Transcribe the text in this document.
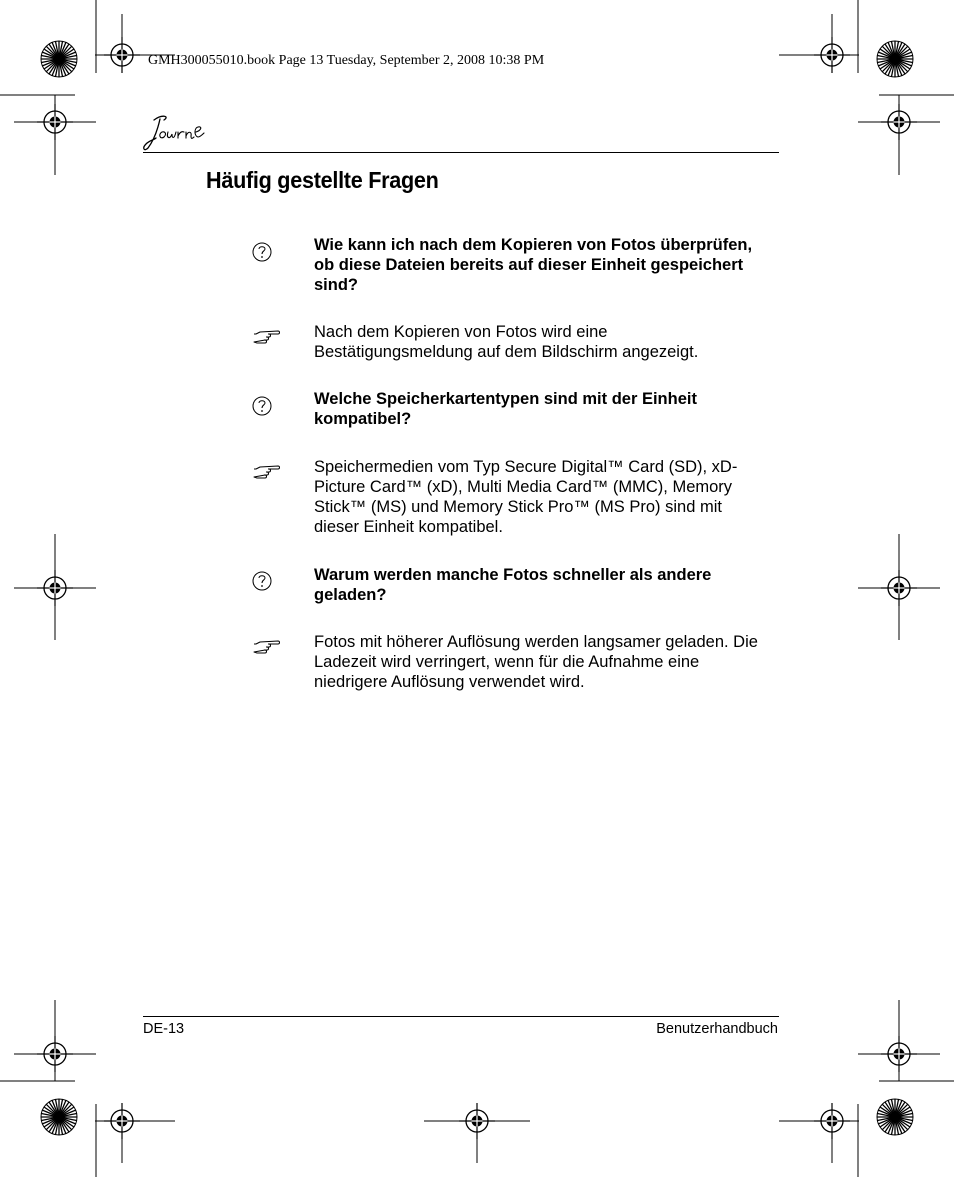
GMH300055010.book Page 13 Tuesday, September 2, 2008 10:38 PM
Häufig gestellte Fragen
Wie kann ich nach dem Kopieren von Fotos überprüfen, ob diese Dateien bereits auf dieser Einheit gespeichert sind?
Nach dem Kopieren von Fotos wird eine Bestätigungsmeldung auf dem Bildschirm angezeigt.
Welche Speicherkartentypen sind mit der Einheit kompatibel?
Speichermedien vom Typ Secure Digital™ Card (SD), xD-Picture Card™ (xD), Multi Media Card™ (MMC), Memory Stick™ (MS) und Memory Stick Pro™ (MS Pro) sind mit dieser Einheit kompatibel.
Warum werden manche Fotos schneller als andere geladen?
Fotos mit höherer Auflösung werden langsamer geladen. Die Ladezeit wird verringert, wenn für die Aufnahme eine niedrigere Auflösung verwendet wird.
DE-13	Benutzerhandbuch
